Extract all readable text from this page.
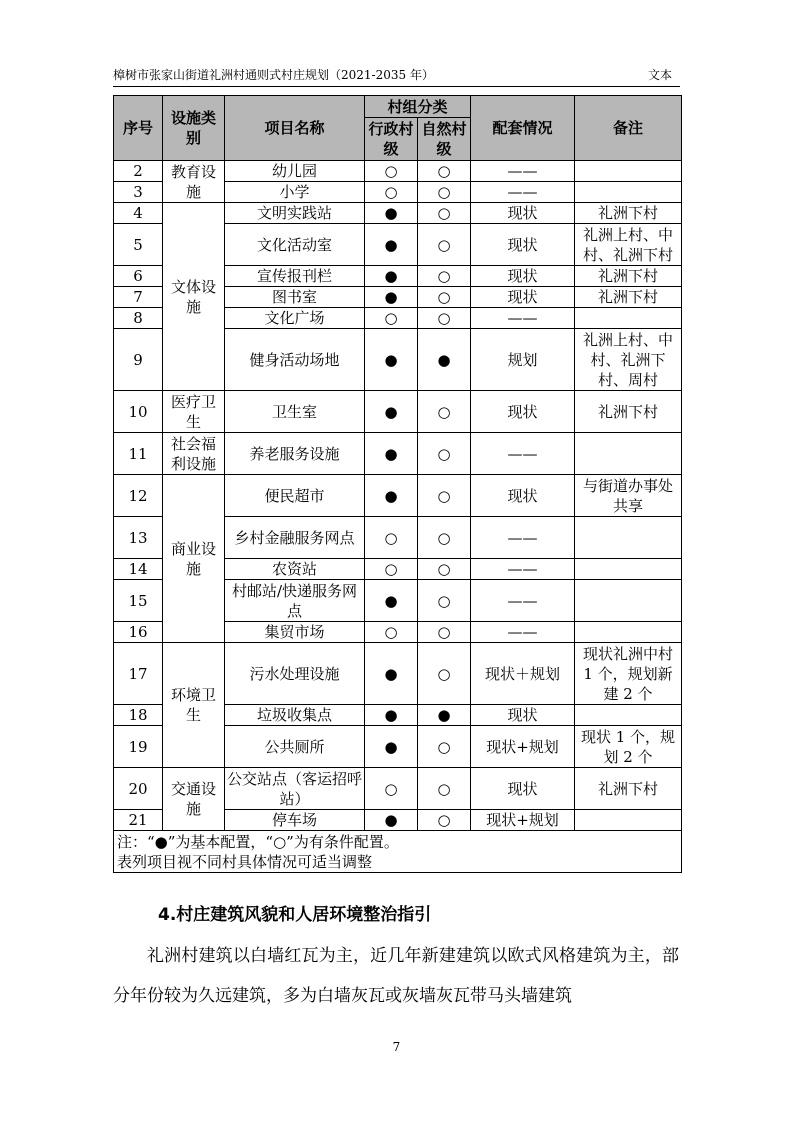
樟树市张家山街道礼洲村通则式村庄规划（2021-2035 年）	文本
序号	设施类别	项目名称	村组分类		配套情况	备注
			行政村级	自然村级		
2	教育设施	幼儿园	○	○	——	
3		小学	○	○	——	
4	文体设施	文明实践站	●	○	现状	礼洲下村
5		文化活动室	●	○	现状	礼洲上村、中村、礼洲下村
6		宣传报刊栏	●	○	现状	礼洲下村
7		图书室	●	○	现状	礼洲下村
8		文化广场	○	○	——	
9		健身活动场地	●	●	规划	礼洲上村、中村、礼洲下村、周村
10	医疗卫生	卫生室	●	○	现状	礼洲下村
11	社会福利设施	养老服务设施	●	○	——	
12	商业设施	便民超市	●	○	现状	与街道办事处共享
13		乡村金融服务网点	○	○	——	
14		农资站	○	○	——	
15		村邮站/快递服务网点	●	○	——	
16		集贸市场	○	○	——	
17	环境卫生	污水处理设施	●	○	现状＋规划	现状礼洲中村 1 个，规划新建 2 个
18		垃圾收集点	●	●	现状	
19		公共厕所	●	○	现状+规划	现状 1 个，规划 2 个
20	交通设施	公交站点（客运招呼站）	○	○	现状	礼洲下村
21		停车场	●	○	现状+规划	

注：“●”为基本配置，“○”为有条件配置。
表列项目视不同村具体情况可适当调整						
4.村庄建筑风貌和人居环境整治指引
礼洲村建筑以白墙红瓦为主，近几年新建建筑以欧式风格建筑为主，部分年份较为久远建筑，多为白墙灰瓦或灰墙灰瓦带马头墙建筑
7
